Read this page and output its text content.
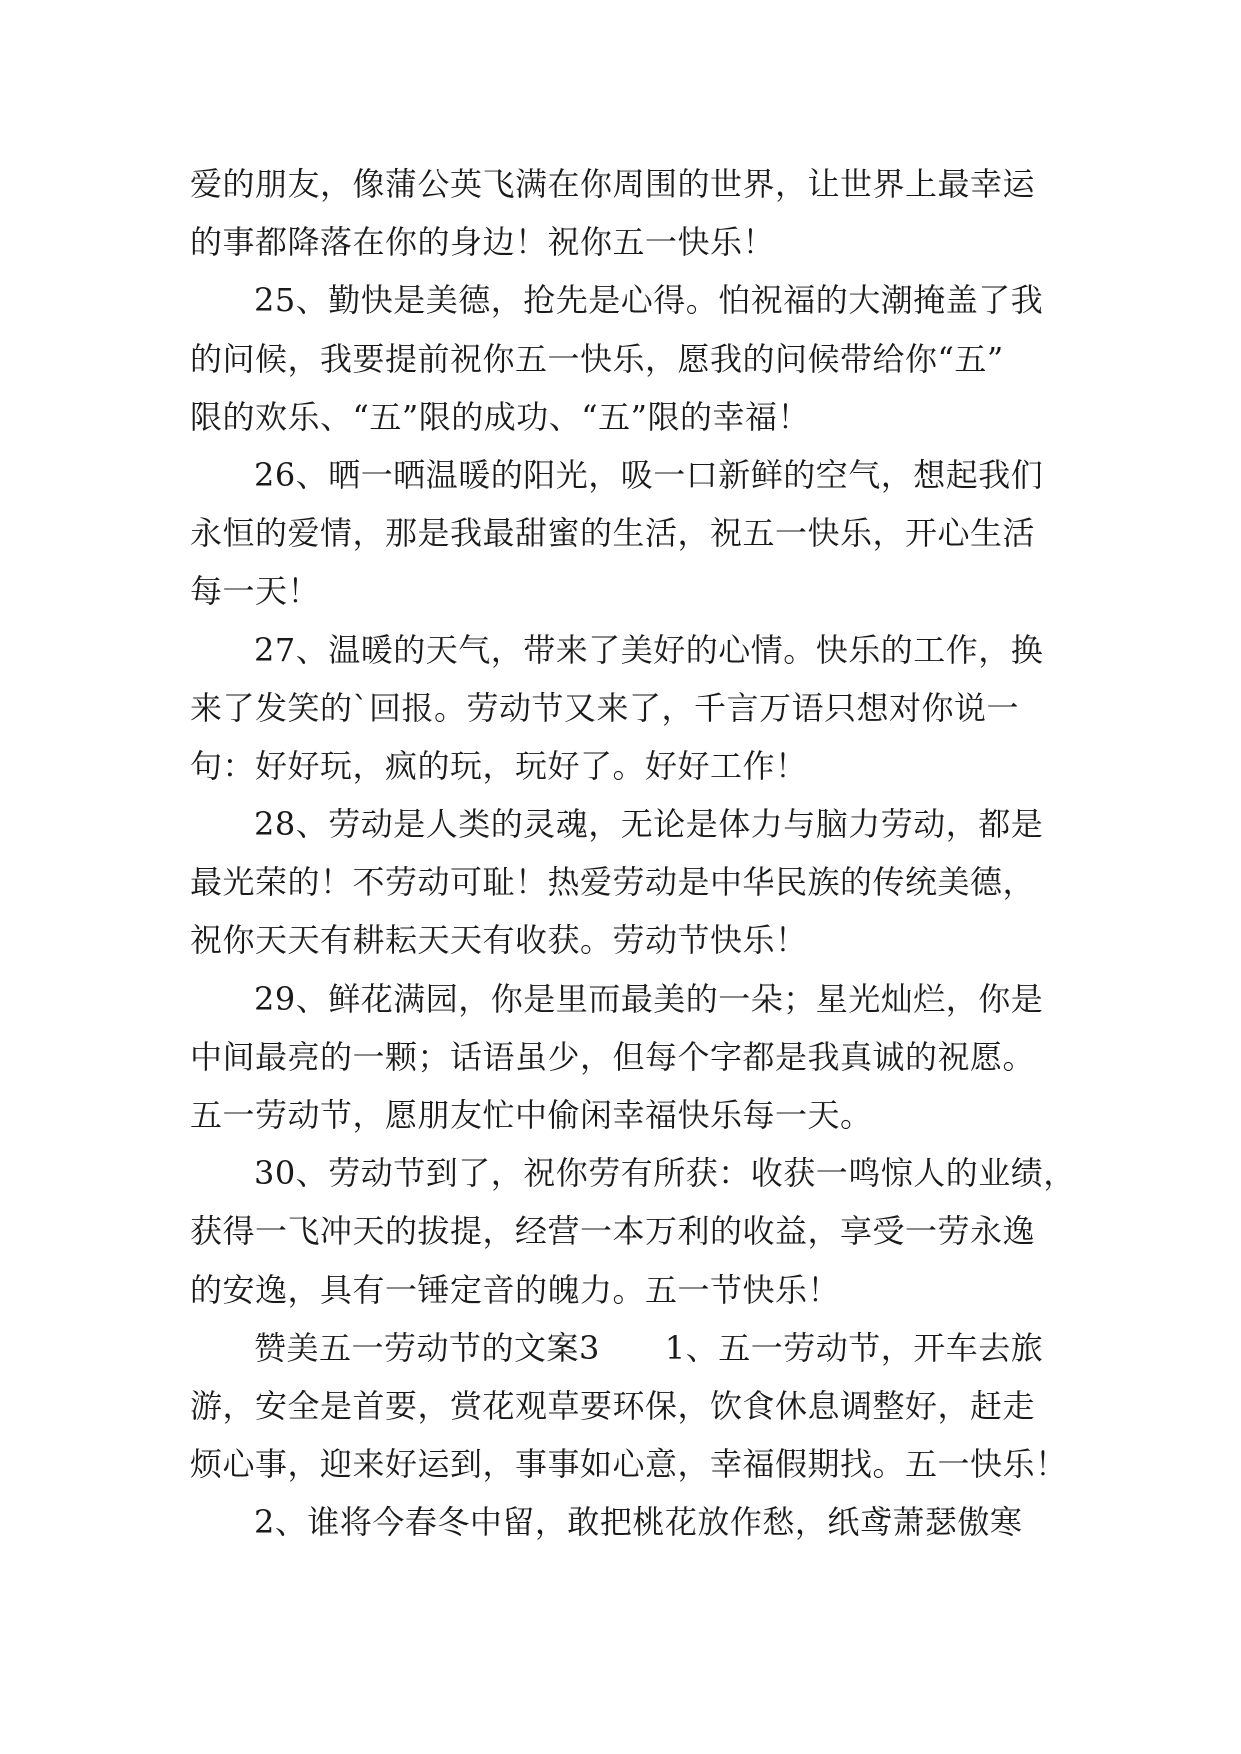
爱的朋友，像蒲公英飞满在你周围的世界，让世界上最幸运
的事都降落在你的身边！祝你五一快乐！
25、勤快是美德，抢先是心得。怕祝福的大潮掩盖了我
的问候，我要提前祝你五一快乐，愿我的问候带给你“五”
限的欢乐、“五”限的成功、“五”限的幸福！
26、晒一晒温暖的阳光，吸一口新鲜的空气，想起我们
永恒的爱情，那是我最甜蜜的生活，祝五一快乐，开心生活
每一天！
27、温暖的天气，带来了美好的心情。快乐的工作，换
来了发笑的`回报。劳动节又来了，千言万语只想对你说一
句：好好玩，疯的玩，玩好了。好好工作！
28、劳动是人类的灵魂，无论是体力与脑力劳动，都是
最光荣的！不劳动可耻！热爱劳动是中华民族的传统美德，
祝你天天有耕耘天天有收获。劳动节快乐！
29、鲜花满园，你是里而最美的一朵；星光灿烂，你是
中间最亮的一颗；话语虽少，但每个字都是我真诚的祝愿。
五一劳动节，愿朋友忙中偷闲幸福快乐每一天。
30、劳动节到了，祝你劳有所获：收获一鸣惊人的业绩，
获得一飞冲天的拔提，经营一本万利的收益，享受一劳永逸
的安逸，具有一锤定音的魄力。五一节快乐！
赞美五一劳动节的文案3　　1、五一劳动节，开车去旅
游，安全是首要，赏花观草要环保，饮食休息调整好，赶走
烦心事，迎来好运到，事事如心意，幸福假期找。五一快乐！
2、谁将今春冬中留，敢把桃花放作愁，纸鸢萧瑟傲寒
